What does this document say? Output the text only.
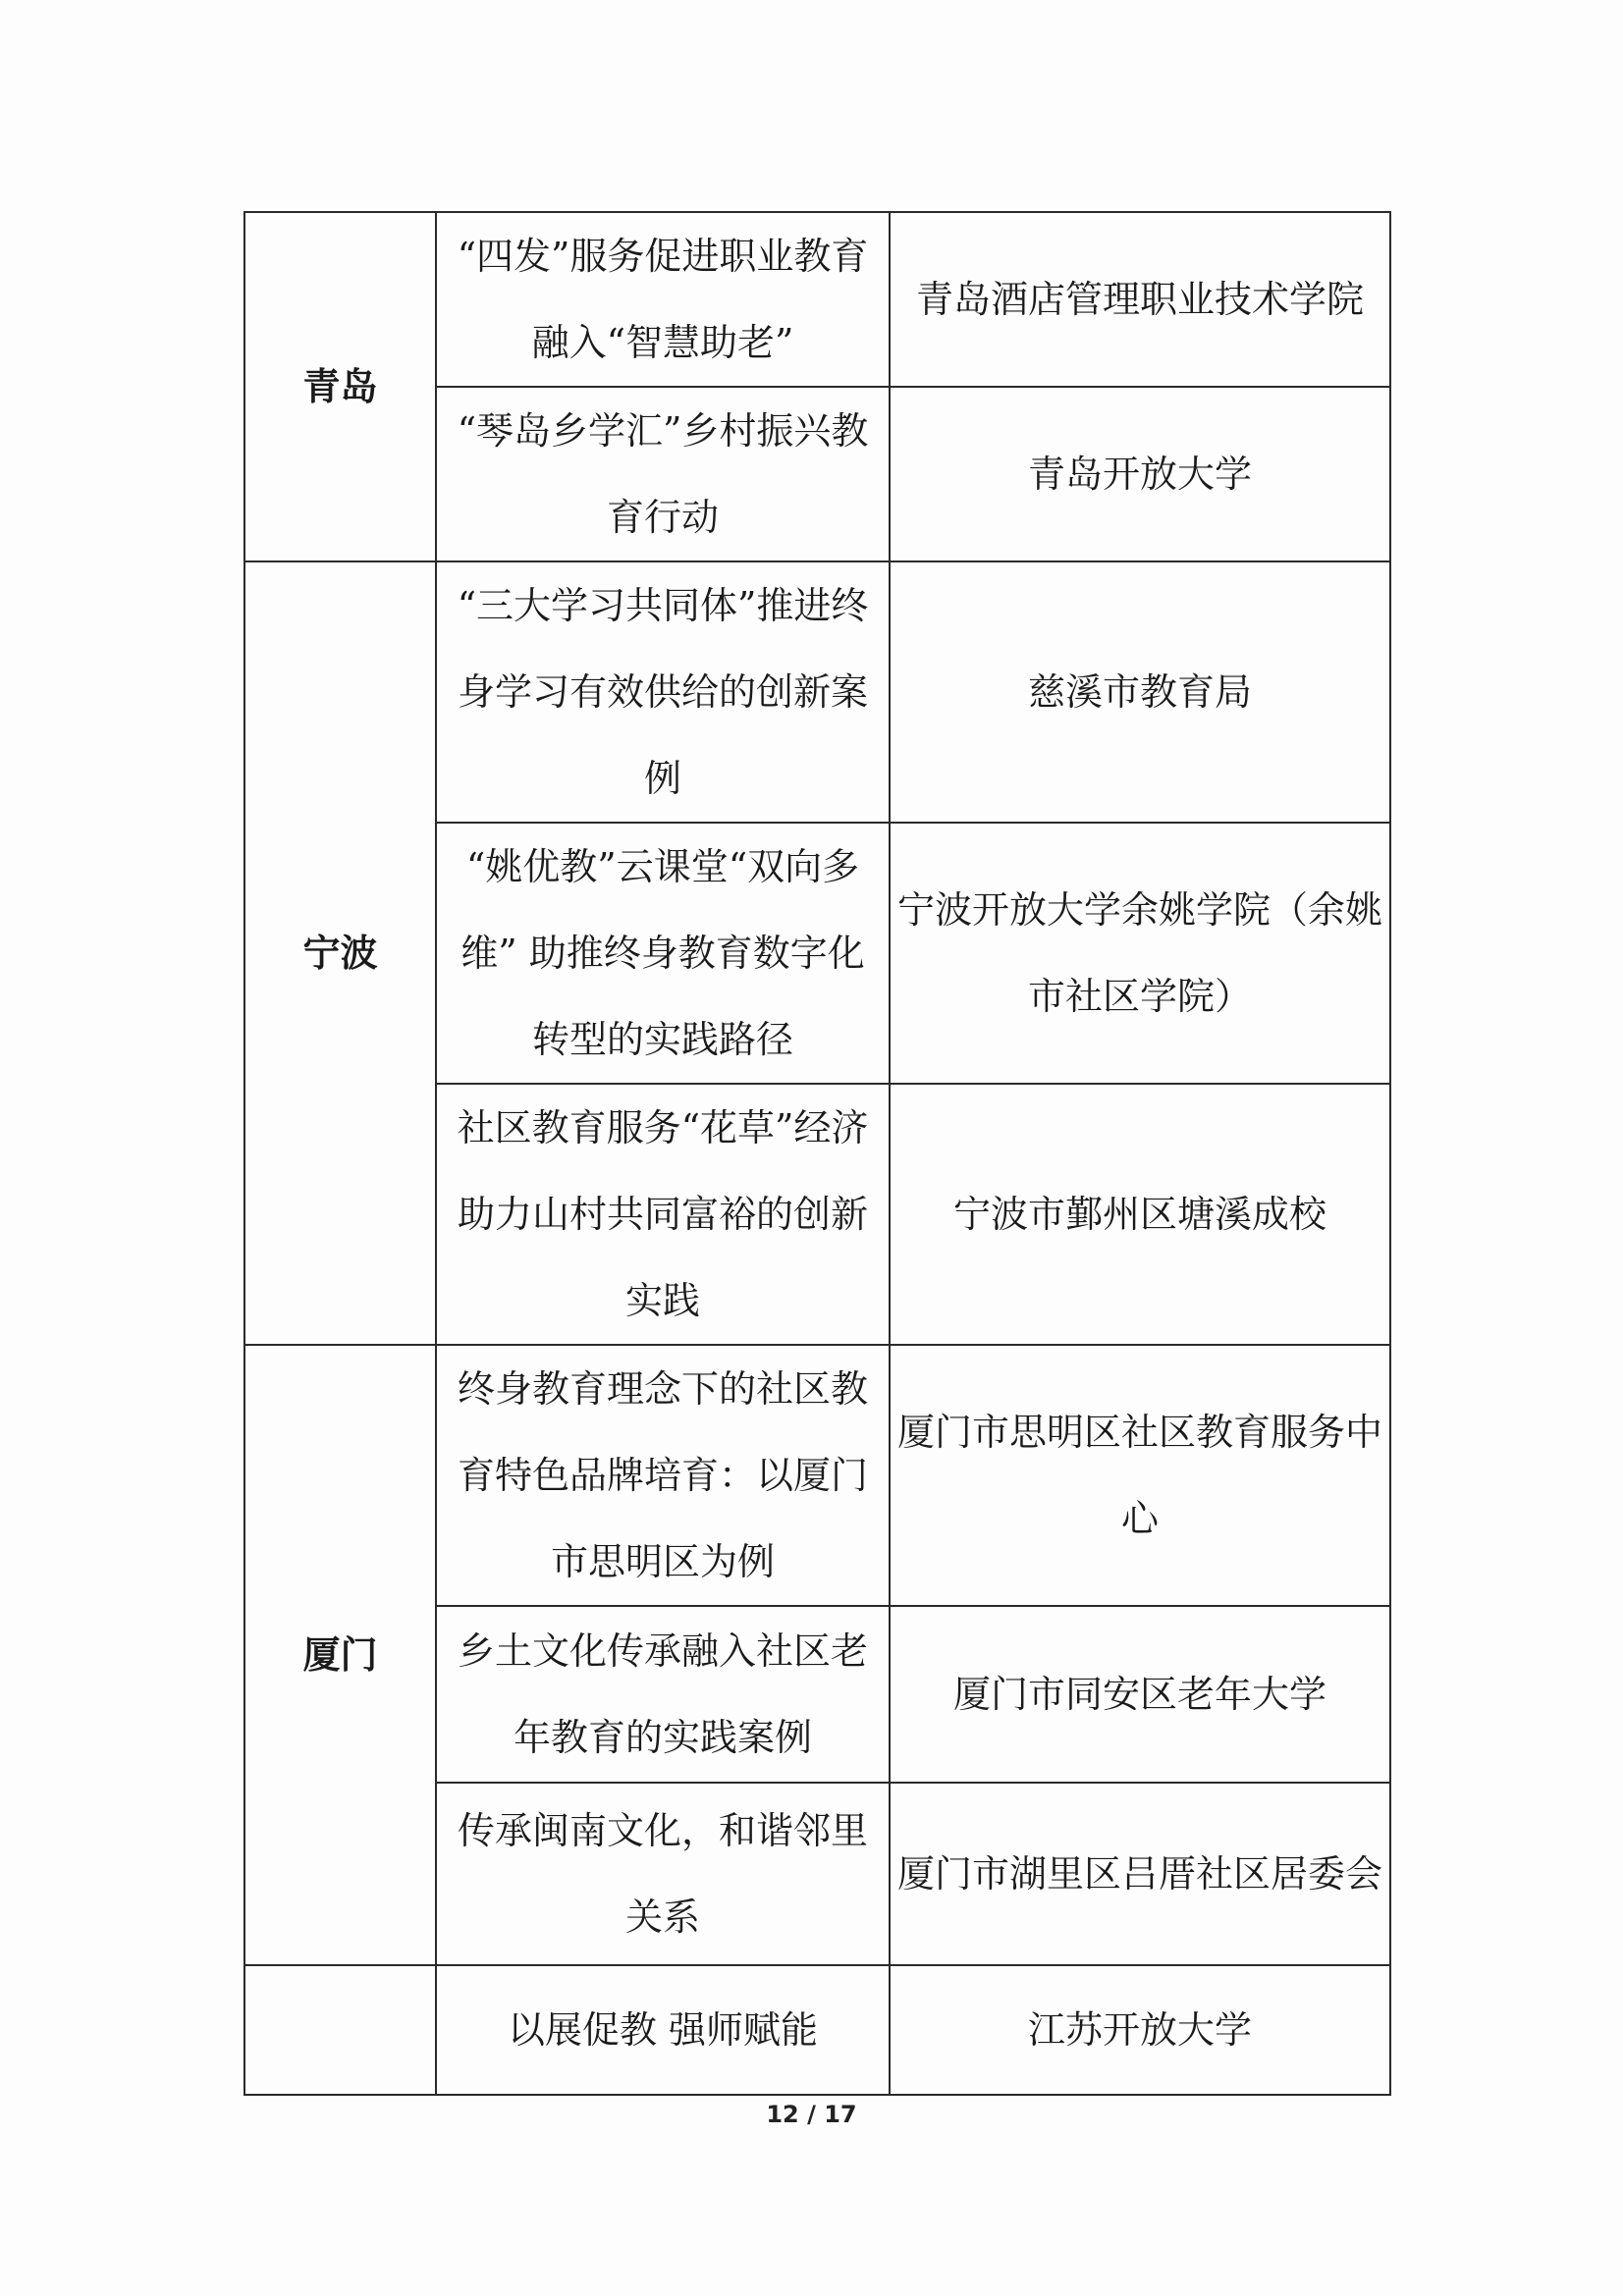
青岛	“四发”服务促进职业教育融入“智慧助老”	青岛酒店管理职业技术学院
	“琴岛乡学汇”乡村振兴教育行动	青岛开放大学
宁波	“三大学习共同体”推进终身学习有效供给的创新案例	慈溪市教育局
	“姚优教”云课堂“双向多维” 助推终身教育数字化转型的实践路径	宁波开放大学余姚学院（余姚市社区学院）
	社区教育服务“花草”经济助力山村共同富裕的创新实践	宁波市鄞州区塘溪成校
厦门	终身教育理念下的社区教育特色品牌培育：以厦门市思明区为例	厦门市思明区社区教育服务中心
	乡土文化传承融入社区老年教育的实践案例	厦门市同安区老年大学
	传承闽南文化，和谐邻里关系	厦门市湖里区吕厝社区居委会
	以展促教 强师赋能	江苏开放大学
12 / 17
